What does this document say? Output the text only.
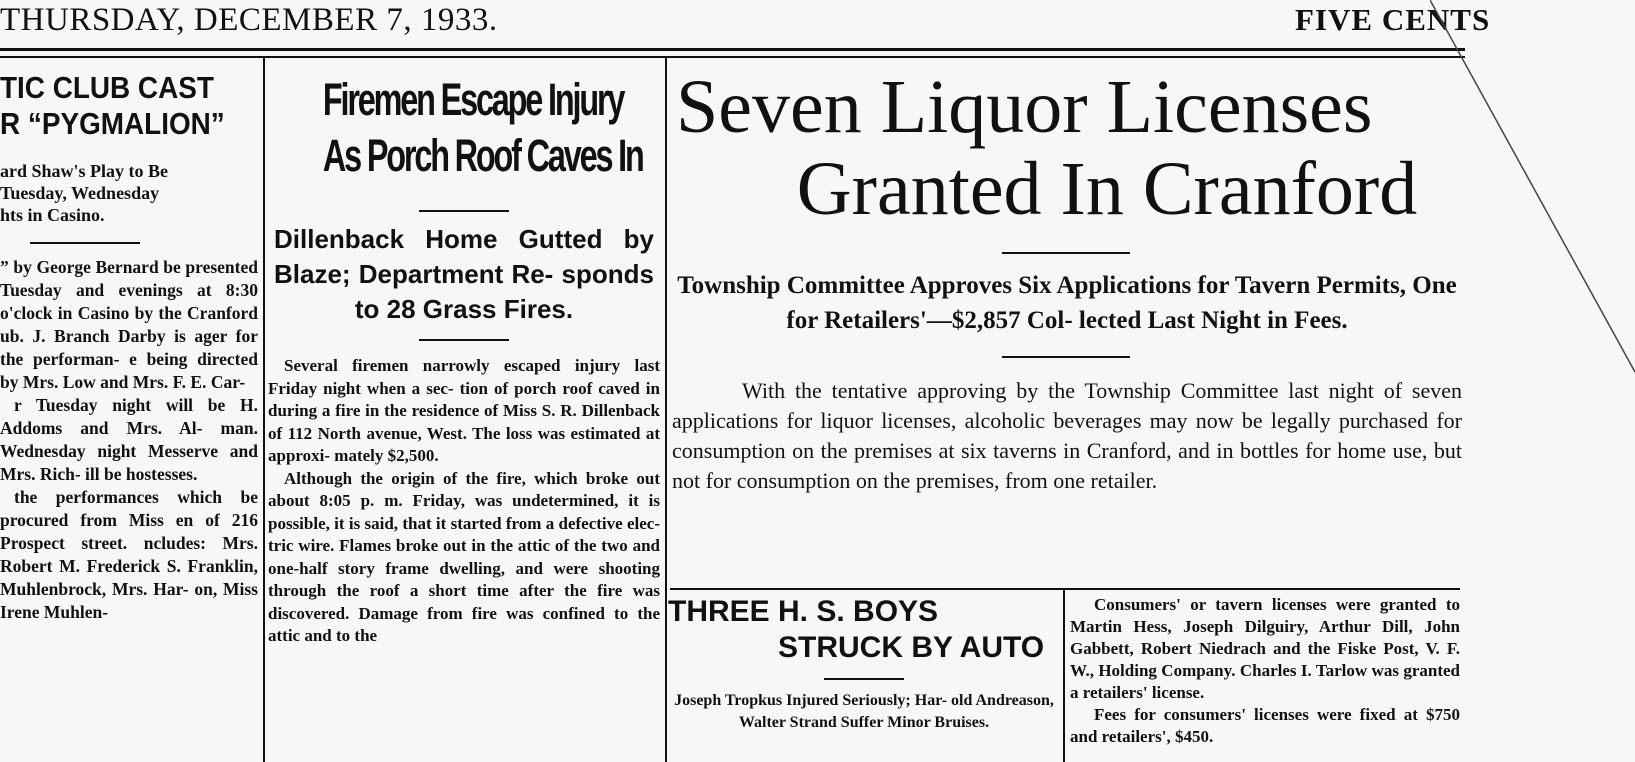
THURSDAY, DECEMBER 7, 1933.	FIVE CENTS
TIC CLUB CAST
R “PYGMALION”
ard Shaw's Play to Be
Tuesday, Wednesday
hts in Casino.

” by George Bernard be presented Tuesday and evenings at 8:30 o'clock in Casino by the Cranford ub. J. Branch Darby is ager for the performan- e being directed by Mrs. Low and Mrs. F. E. Car-

r Tuesday night will be H. Addoms and Mrs. Al- man. Wednesday night Messerve and Mrs. Rich- ill be hostesses.

the performances which be procured from Miss en of 216 Prospect street. ncludes: Mrs. Robert M. Frederick S. Franklin, Muhlenbrock, Mrs. Har- on, Miss Irene Muhlen-

Firemen Escape Injury
As Porch Roof Caves In
Dillenback Home Gutted by Blaze; Department Re- sponds to 28 Grass Fires.

Several firemen narrowly escaped injury last Friday night when a sec- tion of porch roof caved in during a fire in the residence of Miss S. R. Dillenback of 112 North avenue, West. The loss was estimated at approxi- mately $2,500.

Although the origin of the fire, which broke out about 8:05 p. m. Friday, was undetermined, it is possible, it is said, that it started from a defective elec- tric wire. Flames broke out in the attic of the two and one-half story frame dwelling, and were shooting through the roof a short time after the fire was discovered. Damage from fire was confined to the attic and to the

Seven Liquor Licenses
Granted In Cranford
Township Committee Approves Six Applications for Tavern Permits, One for Retailers'—$2,857 Col- lected Last Night in Fees.

With the tentative approving by the Township Committee last night of seven applications for liquor licenses, alcoholic beverages may now be legally purchased for consumption on the premises at six taverns in Cranford, and in bottles for home use, but not for consumption on the premises, from one retailer.

THREE H. S. BOYS
STRUCK BY AUTO
Joseph Tropkus Injured Seriously; Har- old Andreason, Walter Strand Suffer Minor Bruises.

Consumers' or tavern licenses were granted to Martin Hess, Joseph Dilguiry, Arthur Dill, John Gabbett, Robert Niedrach and the Fiske Post, V. F. W., Holding Company. Charles I. Tarlow was granted a retailers' license.

Fees for consumers' licenses were fixed at $750 and retailers', $450.
